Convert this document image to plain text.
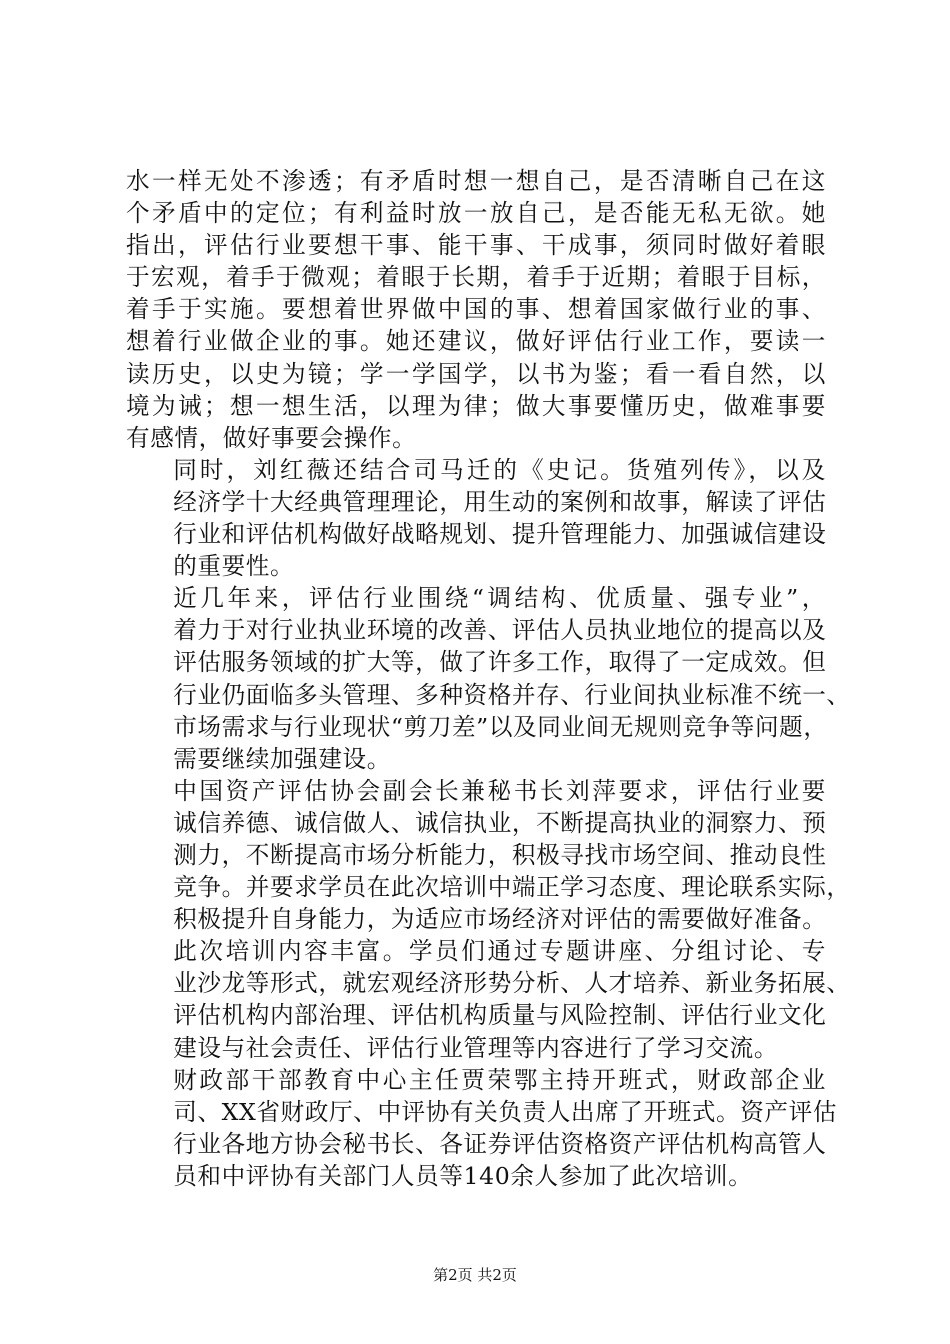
水一样无处不渗透；有矛盾时想一想自己，是否清晰自己在这
个矛盾中的定位；有利益时放一放自己，是否能无私无欲。她
指出，评估行业要想干事、能干事、干成事，须同时做好着眼
于宏观，着手于微观；着眼于长期，着手于近期；着眼于目标，
着手于实施。要想着世界做中国的事、想着国家做行业的事、
想着行业做企业的事。她还建议，做好评估行业工作，要读一
读历史，以史为镜；学一学国学，以书为鉴；看一看自然，以
境为诫；想一想生活，以理为律；做大事要懂历史，做难事要
有感情，做好事要会操作。
同时，刘红薇还结合司马迁的《史记。货殖列传》，以及
经济学十大经典管理理论，用生动的案例和故事，解读了评估
行业和评估机构做好战略规划、提升管理能力、加强诚信建设
的重要性。
近几年来，评估行业围绕“调结构、优质量、强专业”，
着力于对行业执业环境的改善、评估人员执业地位的提高以及
评估服务领域的扩大等，做了许多工作，取得了一定成效。但
行业仍面临多头管理、多种资格并存、行业间执业标准不统一、
市场需求与行业现状“剪刀差”以及同业间无规则竞争等问题，
需要继续加强建设。
中国资产评估协会副会长兼秘书长刘萍要求，评估行业要
诚信养德、诚信做人、诚信执业，不断提高执业的洞察力、预
测力，不断提高市场分析能力，积极寻找市场空间、推动良性
竞争。并要求学员在此次培训中端正学习态度、理论联系实际，
积极提升自身能力，为适应市场经济对评估的需要做好准备。
此次培训内容丰富。学员们通过专题讲座、分组讨论、专
业沙龙等形式，就宏观经济形势分析、人才培养、新业务拓展、
评估机构内部治理、评估机构质量与风险控制、评估行业文化
建设与社会责任、评估行业管理等内容进行了学习交流。
财政部干部教育中心主任贾荣鄂主持开班式，财政部企业
司、XX省财政厅、中评协有关负责人出席了开班式。资产评估
行业各地方协会秘书长、各证券评估资格资产评估机构高管人
员和中评协有关部门人员等140余人参加了此次培训。
第2页 共2页
